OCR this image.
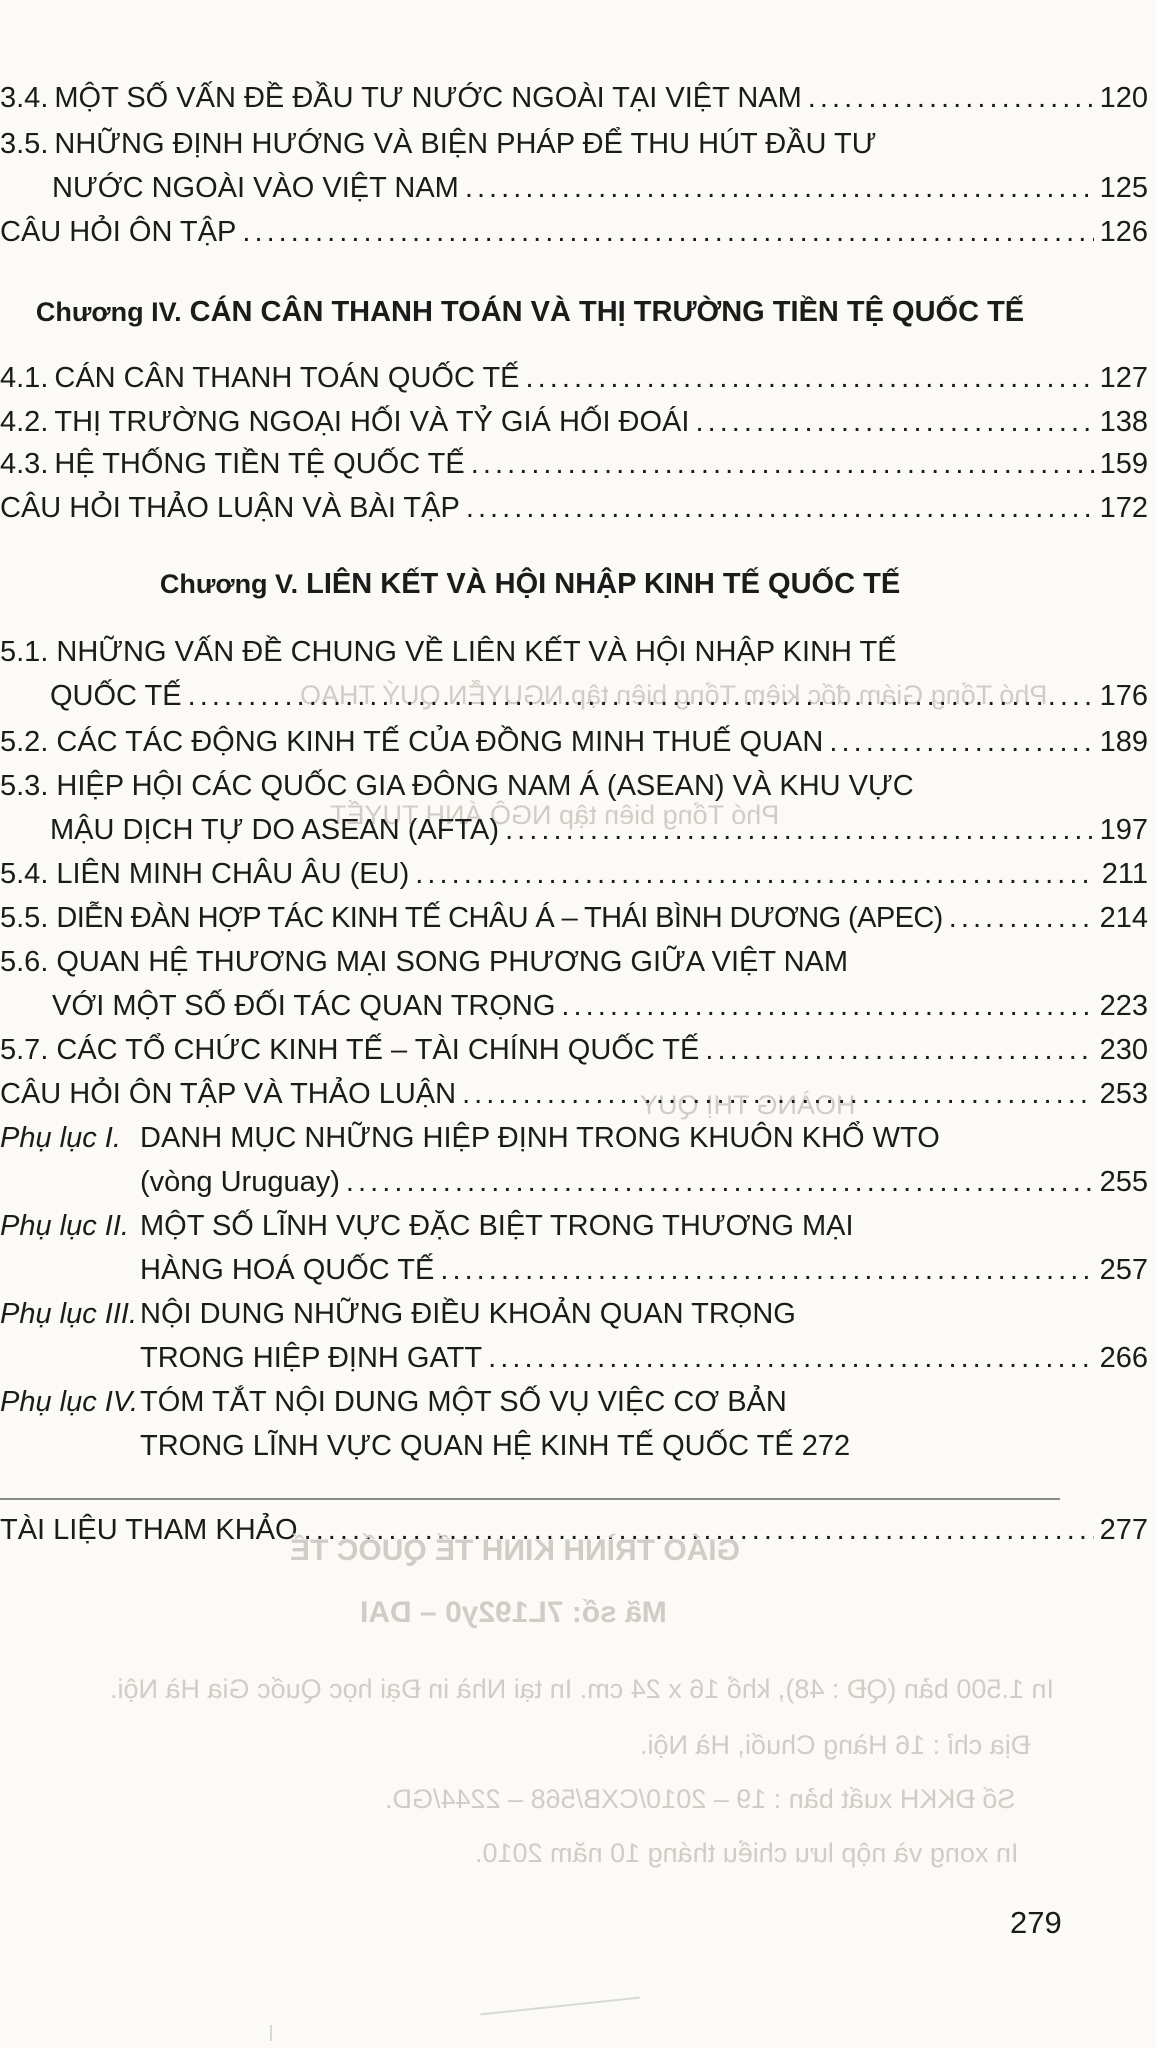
Phó Tổng Giám đốc kiêm Tổng biên tập NGUYỄN QUÝ THAO
Phó Tổng biên tập NGÔ ÁNH TUYẾT
HOÀNG THỊ QUY
3.4. MỘT SỐ VẤN ĐỀ ĐẦU TƯ NƯỚC NGOÀI TẠI VIỆT NAM . . .	120
3.5. NHỮNG ĐỊNH HƯỚNG VÀ BIỆN PHÁP ĐỂ THU HÚT ĐẦU TƯ
NƯỚC NGOÀI VÀO VIỆT NAM . . .	125
CÂU HỎI ÔN TẬP . . .	126
Chương IV. CÁN CÂN THANH TOÁN VÀ THỊ TRƯỜNG TIỀN TỆ QUỐC TẾ
4.1. CÁN CÂN THANH TOÁN QUỐC TẾ . . .	127
4.2. THỊ TRƯỜNG NGOẠI HỐI VÀ TỶ GIÁ HỐI ĐOÁI . . .	138
4.3. HỆ THỐNG TIỀN TỆ QUỐC TẾ . . .	159
CÂU HỎI THẢO LUẬN VÀ BÀI TẬP . . .	172
Chương V. LIÊN KẾT VÀ HỘI NHẬP KINH TẾ QUỐC TẾ
5.1. NHỮNG VẤN ĐỀ CHUNG VỀ LIÊN KẾT VÀ HỘI NHẬP KINH TẾ
QUỐC TẾ . . .	176
5.2. CÁC TÁC ĐỘNG KINH TẾ CỦA ĐỒNG MINH THUẾ QUAN . . .	189
5.3. HIỆP HỘI CÁC QUỐC GIA ĐÔNG NAM Á (ASEAN) VÀ KHU VỰC
MẬU DỊCH TỰ DO ASEAN (AFTA) . . .	197
5.4. LIÊN MINH CHÂU ÂU (EU) . . .	211
5.5. DIỄN ĐÀN HỢP TÁC KINH TẾ CHÂU Á – THÁI BÌNH DƯƠNG (APEC) . . .	214
5.6. QUAN HỆ THƯƠNG MẠI SONG PHƯƠNG GIỮA VIỆT NAM
VỚI MỘT SỐ ĐỐI TÁC QUAN TRỌNG . . .	223
5.7. CÁC TỔ CHỨC KINH TẾ – TÀI CHÍNH QUỐC TẾ . . .	230
CÂU HỎI ÔN TẬP VÀ THẢO LUẬN . . .	253
Phụ lục I. DANH MỤC NHỮNG HIỆP ĐỊNH TRONG KHUÔN KHỔ WTO
(vòng Uruguay) . . .	255
Phụ lục II. MỘT SỐ LĨNH VỰC ĐẶC BIỆT TRONG THƯƠNG MẠI
HÀNG HOÁ QUỐC TẾ . . .	257
Phụ lục III. NỘI DUNG NHỮNG ĐIỀU KHOẢN QUAN TRỌNG
TRONG HIỆP ĐỊNH GATT . . .	266
Phụ lục IV. TÓM TẮT NỘI DUNG MỘT SỐ VỤ VIỆC CƠ BẢN
TRONG LĨNH VỰC QUAN HỆ KINH TẾ QUỐC TẾ 272
TÀI LIỆU THAM KHẢO . . .	277
GIÁO TRÌNH KINH TẾ QUỐC TẾ
Mã số: 7L192y0 – DAI
In 1.500 bản (QĐ : 48), khổ 16 x 24 cm. In tại Nhà in Đại học Quốc Gia Hà Nội.
Địa chỉ : 16 Hàng Chuối, Hà Nội.
Số ĐKKH xuất bản : 19 – 2010/CXB/568 – 2244/GD.
In xong và nộp lưu chiểu tháng 10 năm 2010.
279
